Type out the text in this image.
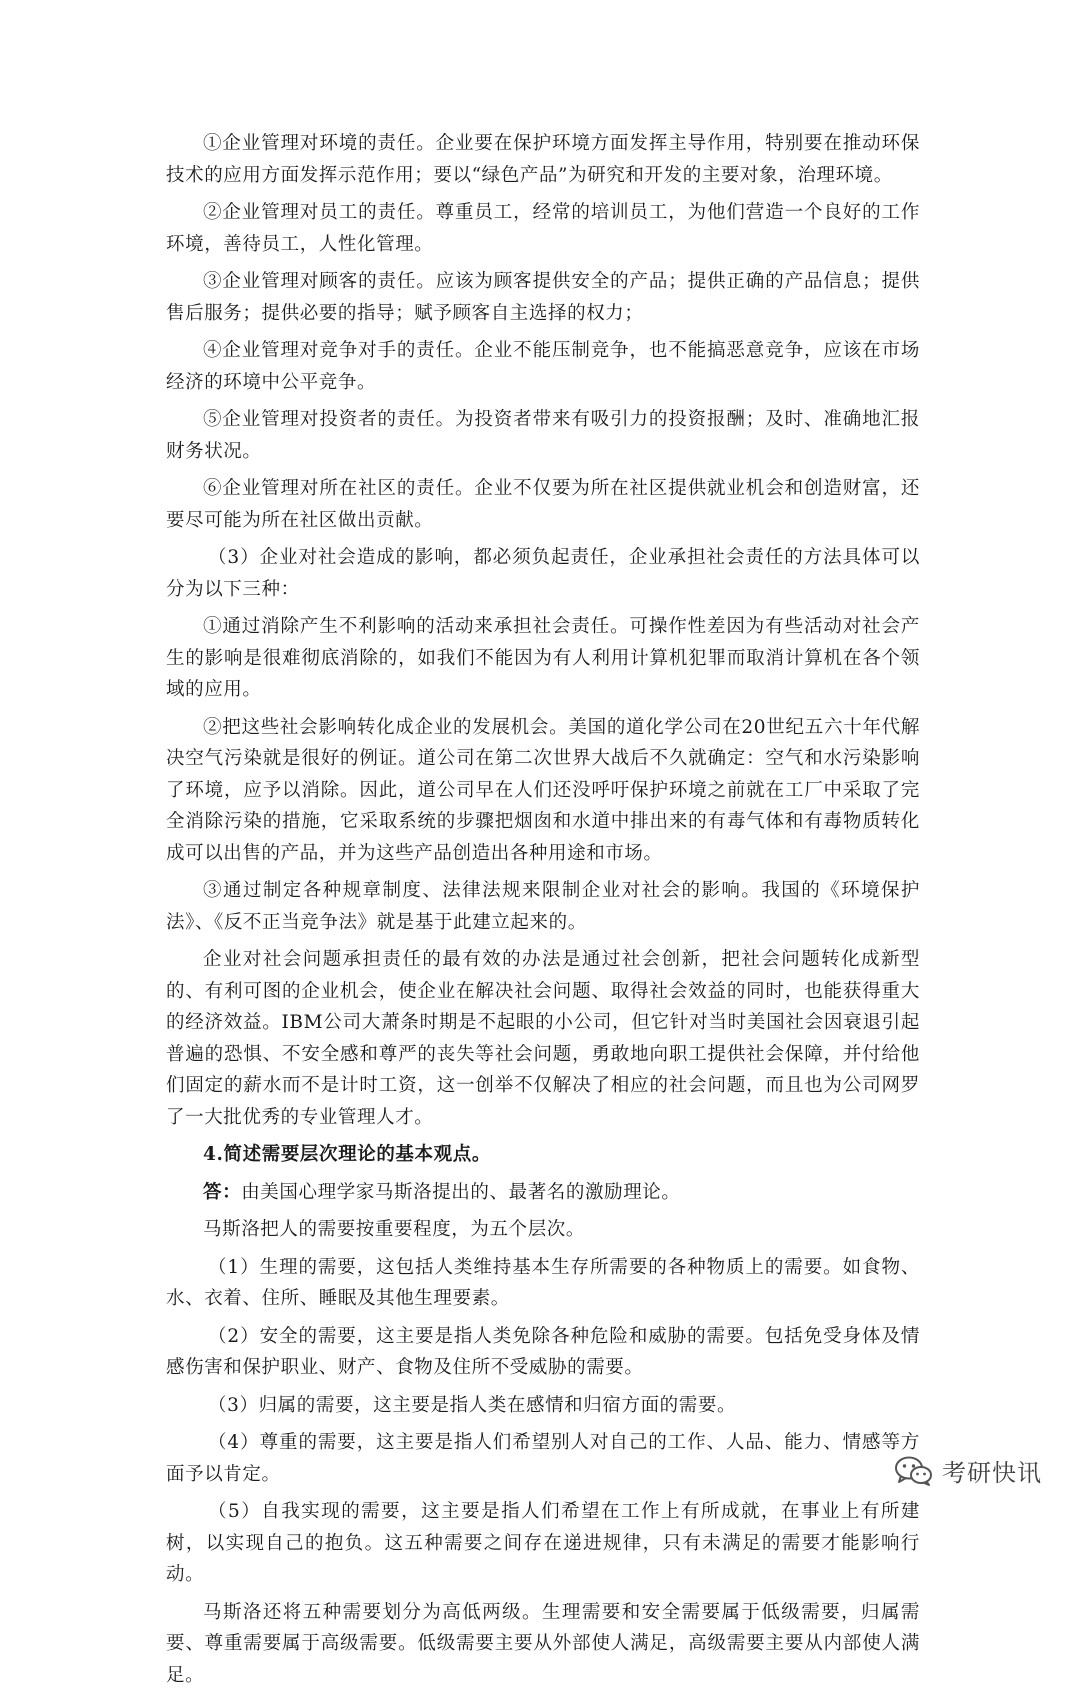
①企业管理对环境的责任。企业要在保护环境方面发挥主导作用，特别要在推动环保技术的应用方面发挥示范作用；要以“绿色产品”为研究和开发的主要对象，治理环境。

②企业管理对员工的责任。尊重员工，经常的培训员工，为他们营造一个良好的工作环境，善待员工，人性化管理。

③企业管理对顾客的责任。应该为顾客提供安全的产品；提供正确的产品信息；提供售后服务；提供必要的指导；赋予顾客自主选择的权力；

④企业管理对竞争对手的责任。企业不能压制竞争，也不能搞恶意竞争，应该在市场经济的环境中公平竞争。

⑤企业管理对投资者的责任。为投资者带来有吸引力的投资报酬；及时、准确地汇报财务状况。

⑥企业管理对所在社区的责任。企业不仅要为所在社区提供就业机会和创造财富，还要尽可能为所在社区做出贡献。

（3）企业对社会造成的影响，都必须负起责任，企业承担社会责任的方法具体可以分为以下三种：

①通过消除产生不利影响的活动来承担社会责任。可操作性差因为有些活动对社会产生的影响是很难彻底消除的，如我们不能因为有人利用计算机犯罪而取消计算机在各个领域的应用。

②把这些社会影响转化成企业的发展机会。美国的道化学公司在20世纪五六十年代解决空气污染就是很好的例证。道公司在第二次世界大战后不久就确定：空气和水污染影响了环境，应予以消除。因此，道公司早在人们还没呼吁保护环境之前就在工厂中采取了完全消除污染的措施，它采取系统的步骤把烟囱和水道中排出来的有毒气体和有毒物质转化成可以出售的产品，并为这些产品创造出各种用途和市场。

③通过制定各种规章制度、法律法规来限制企业对社会的影响。我国的《环境保护法》、《反不正当竞争法》就是基于此建立起来的。

企业对社会问题承担责任的最有效的办法是通过社会创新，把社会问题转化成新型的、有利可图的企业机会，使企业在解决社会问题、取得社会效益的同时，也能获得重大的经济效益。IBM公司大萧条时期是不起眼的小公司，但它针对当时美国社会因衰退引起普遍的恐惧、不安全感和尊严的丧失等社会问题，勇敢地向职工提供社会保障，并付给他们固定的薪水而不是计时工资，这一创举不仅解决了相应的社会问题，而且也为公司网罗了一大批优秀的专业管理人才。

4.简述需要层次理论的基本观点。

答：由美国心理学家马斯洛提出的、最著名的激励理论。

马斯洛把人的需要按重要程度，为五个层次。

（1）生理的需要，这包括人类维持基本生存所需要的各种物质上的需要。如食物、水、衣着、住所、睡眠及其他生理要素。

（2）安全的需要，这主要是指人类免除各种危险和威胁的需要。包括免受身体及情感伤害和保护职业、财产、食物及住所不受威胁的需要。

（3）归属的需要，这主要是指人类在感情和归宿方面的需要。

（4）尊重的需要，这主要是指人们希望别人对自己的工作、人品、能力、情感等方面予以肯定。

（5）自我实现的需要，这主要是指人们希望在工作上有所成就，在事业上有所建树，以实现自己的抱负。这五种需要之间存在递进规律，只有未满足的需要才能影响行动。

马斯洛还将五种需要划分为高低两级。生理需要和安全需要属于低级需要，归属需要、尊重需要属于高级需要。低级需要主要从外部使人满足，高级需要主要从内部使人满足。

考研快讯
